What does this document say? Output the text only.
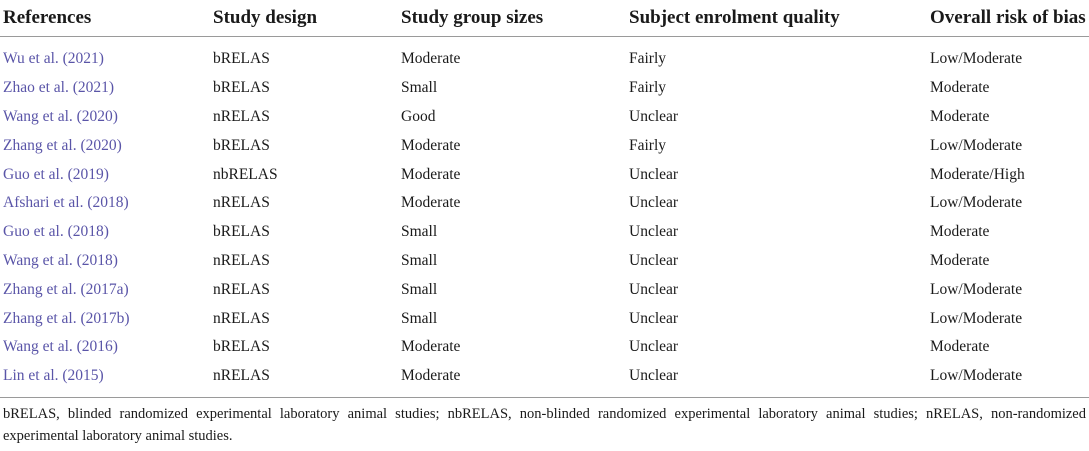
References	Study design	Study group sizes	Subject enrolment quality	Overall risk of bias
Wu et al. (2021)	bRELAS	Moderate	Fairly	Low/Moderate
Zhao et al. (2021)	bRELAS	Small	Fairly	Moderate
Wang et al. (2020)	nRELAS	Good	Unclear	Moderate
Zhang et al. (2020)	bRELAS	Moderate	Fairly	Low/Moderate
Guo et al. (2019)	nbRELAS	Moderate	Unclear	Moderate/High
Afshari et al. (2018)	nRELAS	Moderate	Unclear	Low/Moderate
Guo et al. (2018)	bRELAS	Small	Unclear	Moderate
Wang et al. (2018)	nRELAS	Small	Unclear	Moderate
Zhang et al. (2017a)	nRELAS	Small	Unclear	Low/Moderate
Zhang et al. (2017b)	nRELAS	Small	Unclear	Low/Moderate
Wang et al. (2016)	bRELAS	Moderate	Unclear	Moderate
Lin et al. (2015)	nRELAS	Moderate	Unclear	Low/Moderate
bRELAS, blinded randomized experimental laboratory animal studies; nbRELAS, non-blinded randomized experimental laboratory animal studies; nRELAS, non-randomized experimental laboratory animal studies.
